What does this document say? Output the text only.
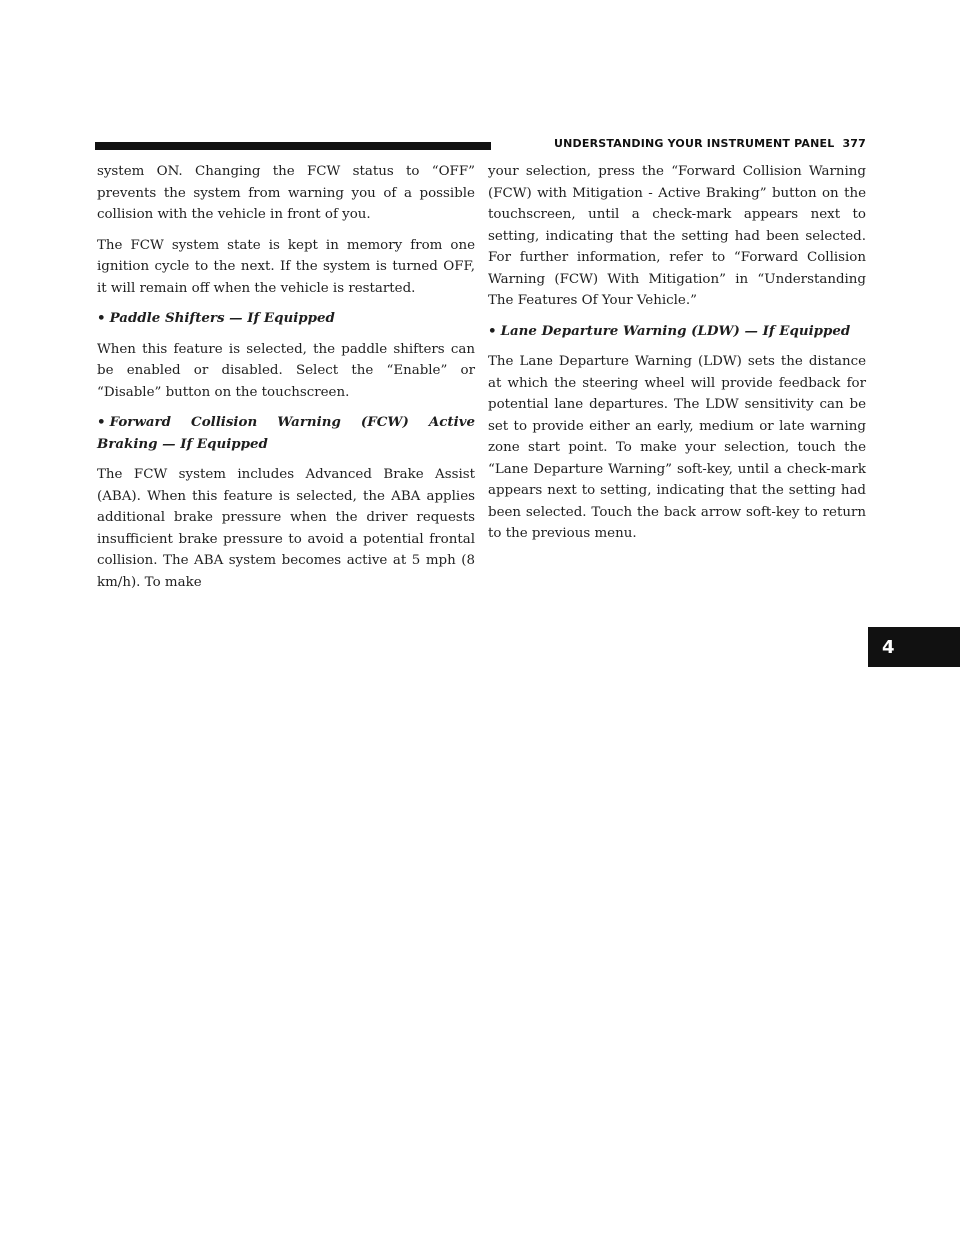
UNDERSTANDING YOUR INSTRUMENT PANEL 377
4

system ON. Changing the FCW status to “OFF” prevents the system from warning you of a possible collision with the vehicle in front of you.

The FCW system state is kept in memory from one ignition cycle to the next. If the system is turned OFF, it will remain off when the vehicle is restarted.

• Paddle Shifters — If Equipped

When this feature is selected, the paddle shifters can be enabled or disabled. Select the “Enable” or “Disable” button on the touchscreen.

• Forward Collision Warning (FCW) Active Braking — If Equipped

The FCW system includes Advanced Brake Assist (ABA). When this feature is selected, the ABA applies additional brake pressure when the driver requests insufficient brake pressure to avoid a potential frontal collision. The ABA system becomes active at 5 mph (8 km/h). To make

your selection, press the “Forward Collision Warning (FCW) with Mitigation - Active Braking” button on the touchscreen, until a check-mark appears next to setting, indicating that the setting had been selected. For further information, refer to “Forward Collision Warning (FCW) With Mitigation” in “Understanding The Features Of Your Vehicle.”

• Lane Departure Warning (LDW) — If Equipped

The Lane Departure Warning (LDW) sets the distance at which the steering wheel will provide feedback for potential lane departures. The LDW sensitivity can be set to provide either an early, medium or late warning zone start point. To make your selection, touch the “Lane Departure Warning” soft-key, until a check-mark appears next to setting, indicating that the setting had been selected. Touch the back arrow soft-key to return to the previous menu.
